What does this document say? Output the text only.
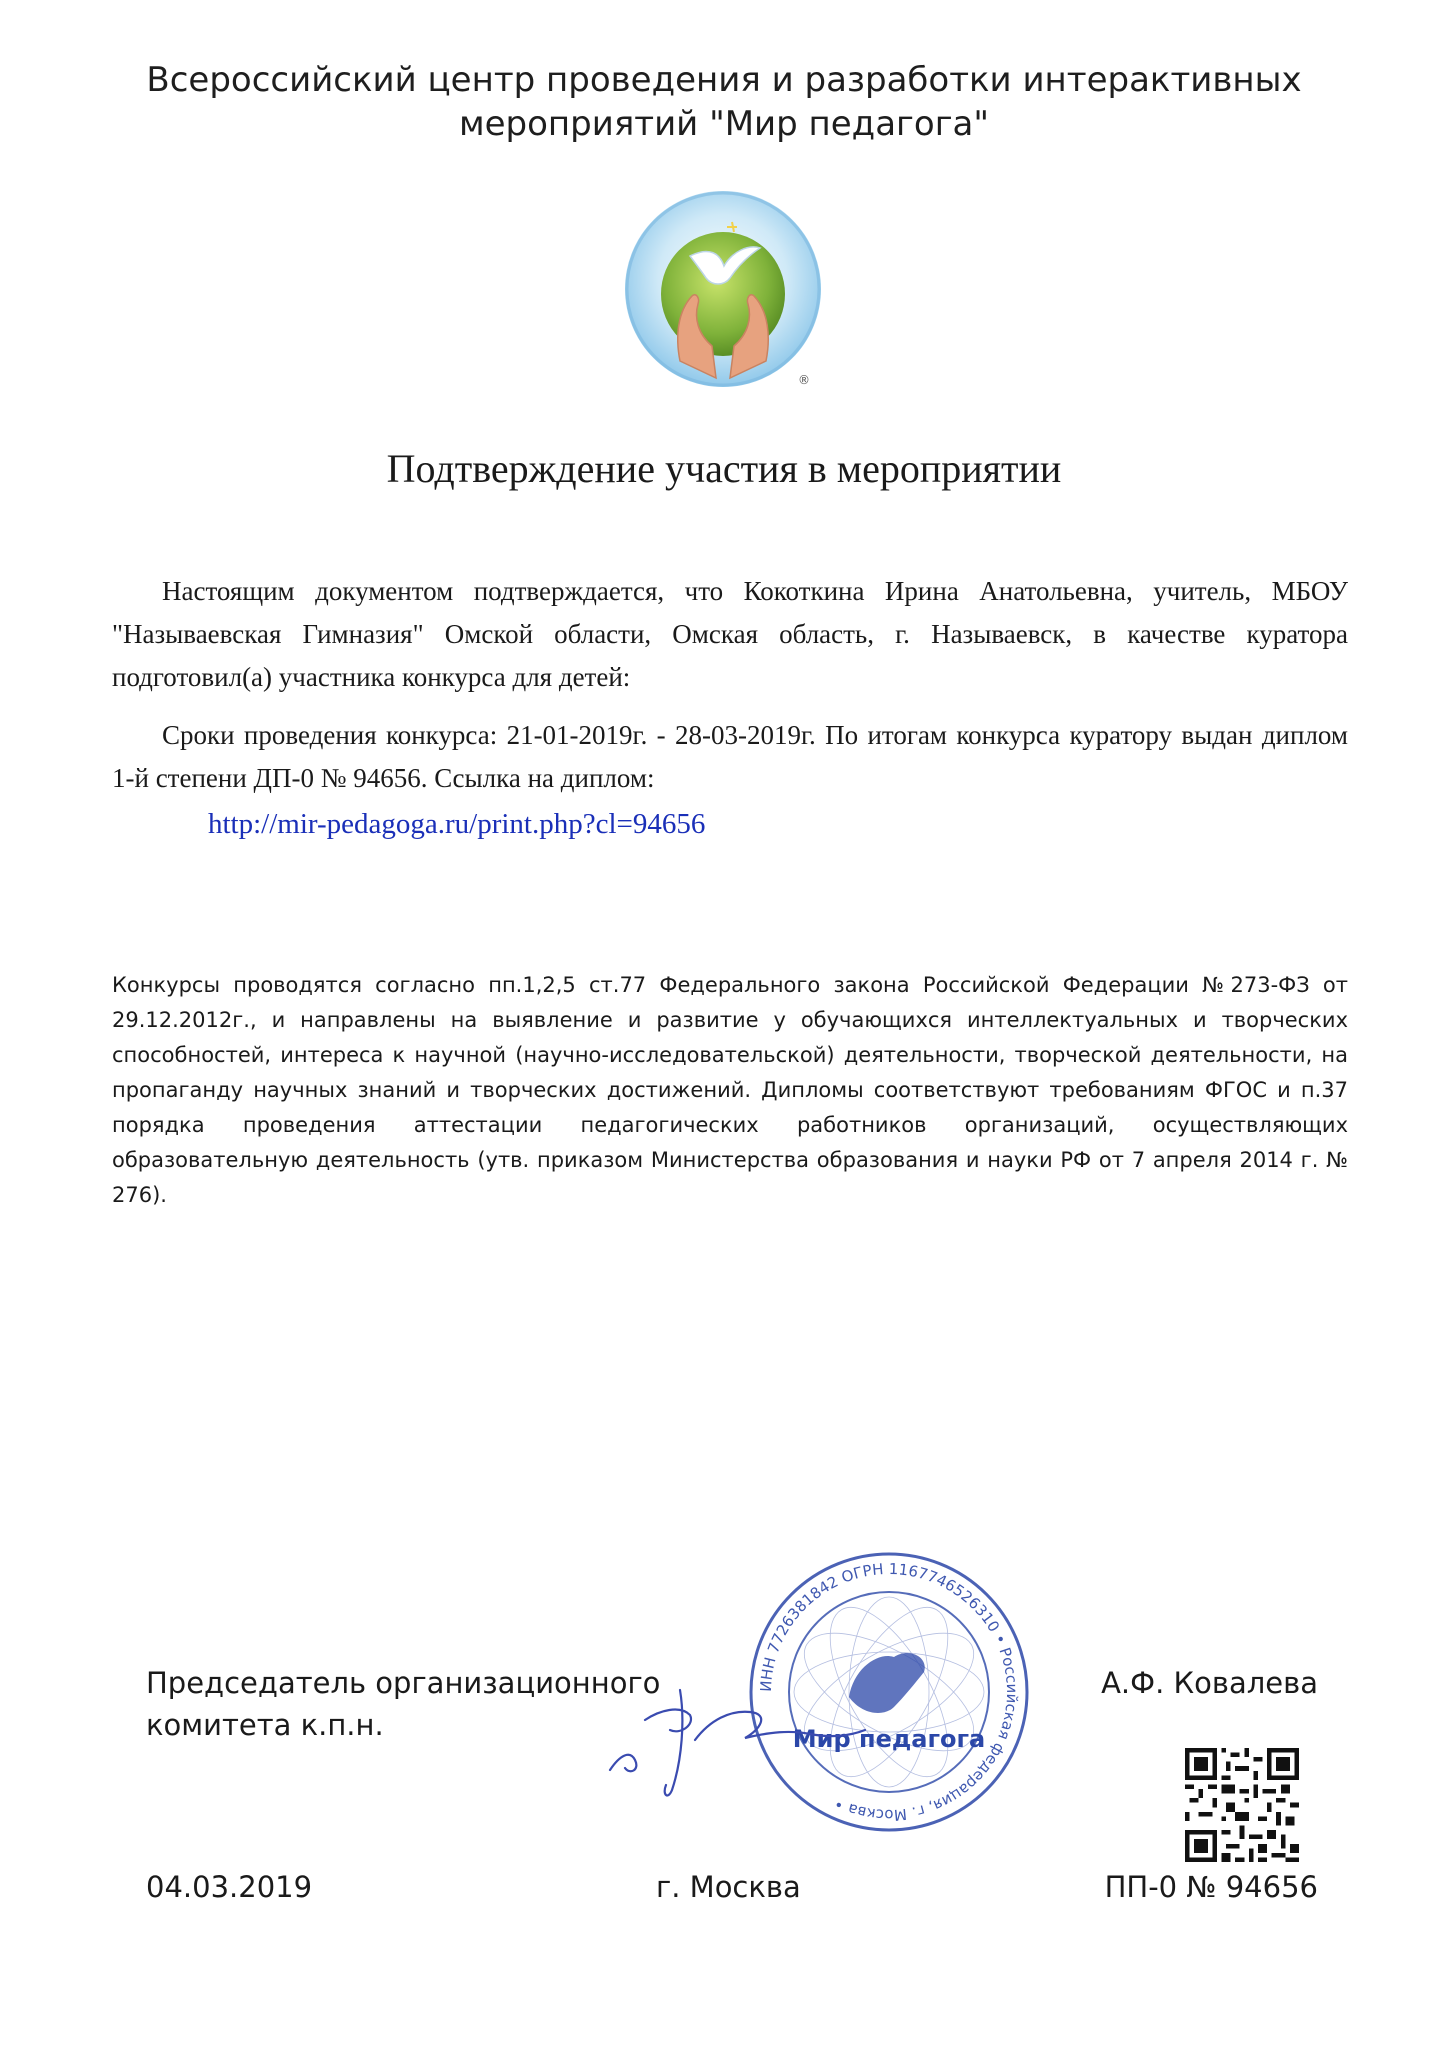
Всероссийский центр проведения и разработки интерактивных
мероприятий "Мир педагога"
®
Подтверждение участия в мероприятии
Настоящим документом подтверждается, что Кокоткина Ирина Анатольевна, учитель, МБОУ "Называевская Гимназия" Омской области, Омская область, г. Называевск, в качестве куратора подготовил(а) участника конкурса для детей:
Сроки проведения конкурса: 21-01-2019г. - 28-03-2019г. По итогам конкурса куратору выдан диплом 1-й степени ДП-0 № 94656. Ссылка на диплом:
http://mir-pedagoga.ru/print.php?cl=94656
Конкурсы проводятся согласно пп.1,2,5 ст.77 Федерального закона Российской Федерации №273-ФЗ от 29.12.2012г., и направлены на выявление и развитие у обучающихся интеллектуальных и творческих способностей, интереса к научной (научно-исследовательской) деятельности, творческой деятельности, на пропаганду научных знаний и творческих достижений. Дипломы соответствуют требованиям ФГОС и п.37 порядка проведения аттестации педагогических работников организаций, осуществляющих образовательную деятельность (утв. приказом Министерства образования и науки РФ от 7 апреля 2014 г. № 276).
Председатель организационного
комитета к.п.н.
ИНН 7726381842 ОГРН 1167746526310 • Российская федерация, г. Москва •
Мир педагога
А.Ф. Ковалева
04.03.2019	г. Москва	ПП-0 № 94656
